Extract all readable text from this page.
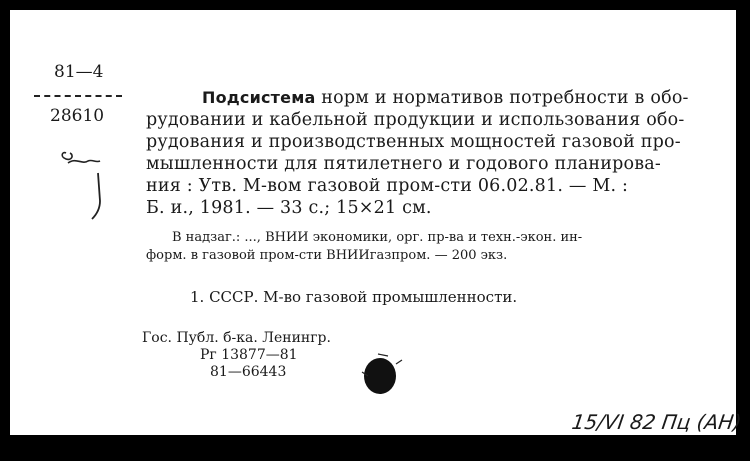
81—4
28610
Подсистема норм и нормативов потребности в обо-
рудовании и кабельной продукции и использования обо-
рудования и производственных мощностей газовой про-
мышленности для пятилетнего и годового планирова-
ния : Утв. М-вом газовой пром-сти 06.02.81. — М. :
Б. и., 1981. — 33 с.; 15×21 см.
В надзаг.: ..., ВНИИ экономики, орг. пр-ва и техн.-экон. ин-
форм. в газовой пром-сти ВНИИгазпром. — 200 экз.
1. СССР. М-во газовой промышленности.
Гос. Публ. б-ка. Ленингр.
Рг 13877—81
81—66443
15/VI 82 Пц (АН)
